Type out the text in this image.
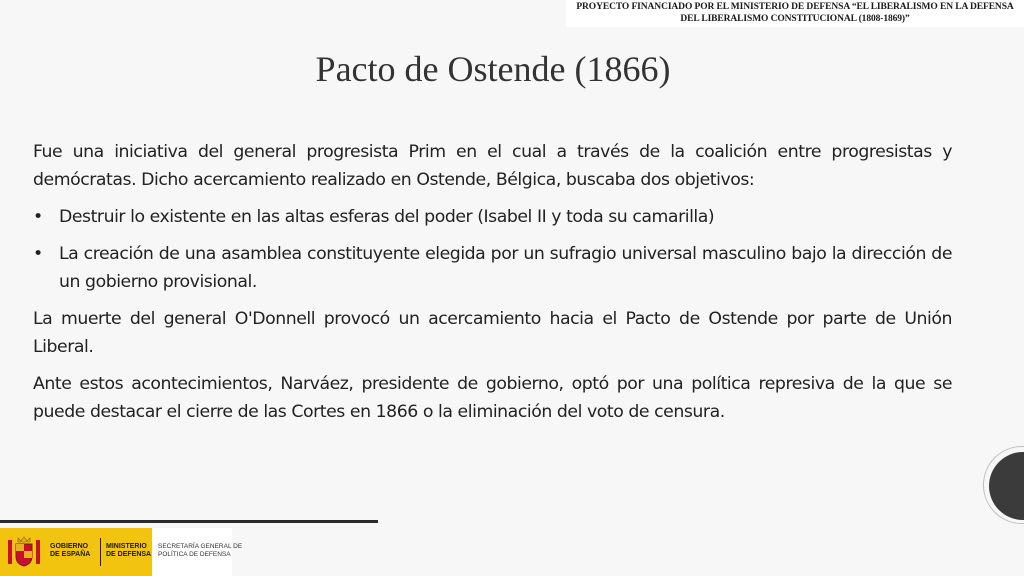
PROYECTO FINANCIADO POR EL MINISTERIO DE DEFENSA “EL LIBERALISMO EN LA DEFENSA
DEL LIBERALISMO CONSTITUCIONAL (1808-1869)”
Pacto de Ostende (1866)

Fue una iniciativa del general progresista Prim en el cual a través de la coalición entre progresistas y demócratas. Dicho acercamiento realizado en Ostende, Bélgica, buscaba dos objetivos:

• Destruir lo existente en las altas esferas del poder (Isabel II y toda su camarilla)
• La creación de una asamblea constituyente elegida por un sufragio universal masculino bajo la dirección de un gobierno provisional.

La muerte del general O'Donnell provocó un acercamiento hacia el Pacto de Ostende por parte de Unión Liberal.

Ante estos acontecimientos, Narváez, presidente de gobierno, optó por una política represiva de la que se puede destacar el cierre de las Cortes en 1866 o la eliminación del voto de censura.

GOBIERNO
DE ESPAÑA
MINISTERIO
DE DEFENSA
SECRETARÍA GENERAL DE
POLÍTICA DE DEFENSA
